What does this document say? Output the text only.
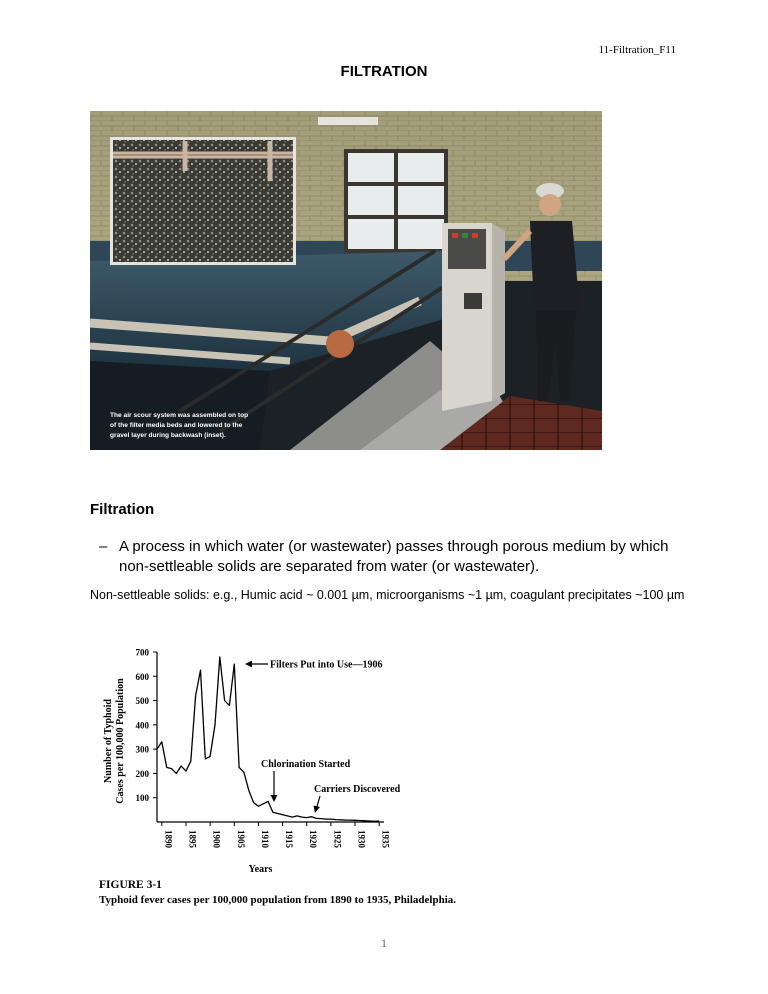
11-Filtration_F11
FILTRATION
The air scour system was assembled on top
of the filter media beds and lowered to the
gravel layer during backwash (inset).
Filtration
– A process in which water (or wastewater) passes through porous medium by which non-settleable solids are separated from water (or wastewater).
Non-settleable solids: e.g., Humic acid ~ 0.001 µm, microorganisms ~1 µm, coagulant precipitates ~100 µm
Number of Typhoid Cases per 100,000 Population
700
600
500
400
300
200
100
1890 1895 1900 1905 1910 1915 1920 1925 1930 1935
Years
Filters Put into Use—1906
Chlorination Started
Carriers Discovered
FIGURE 3-1
Typhoid fever cases per 100,000 population from 1890 to 1935, Philadelphia.
1
